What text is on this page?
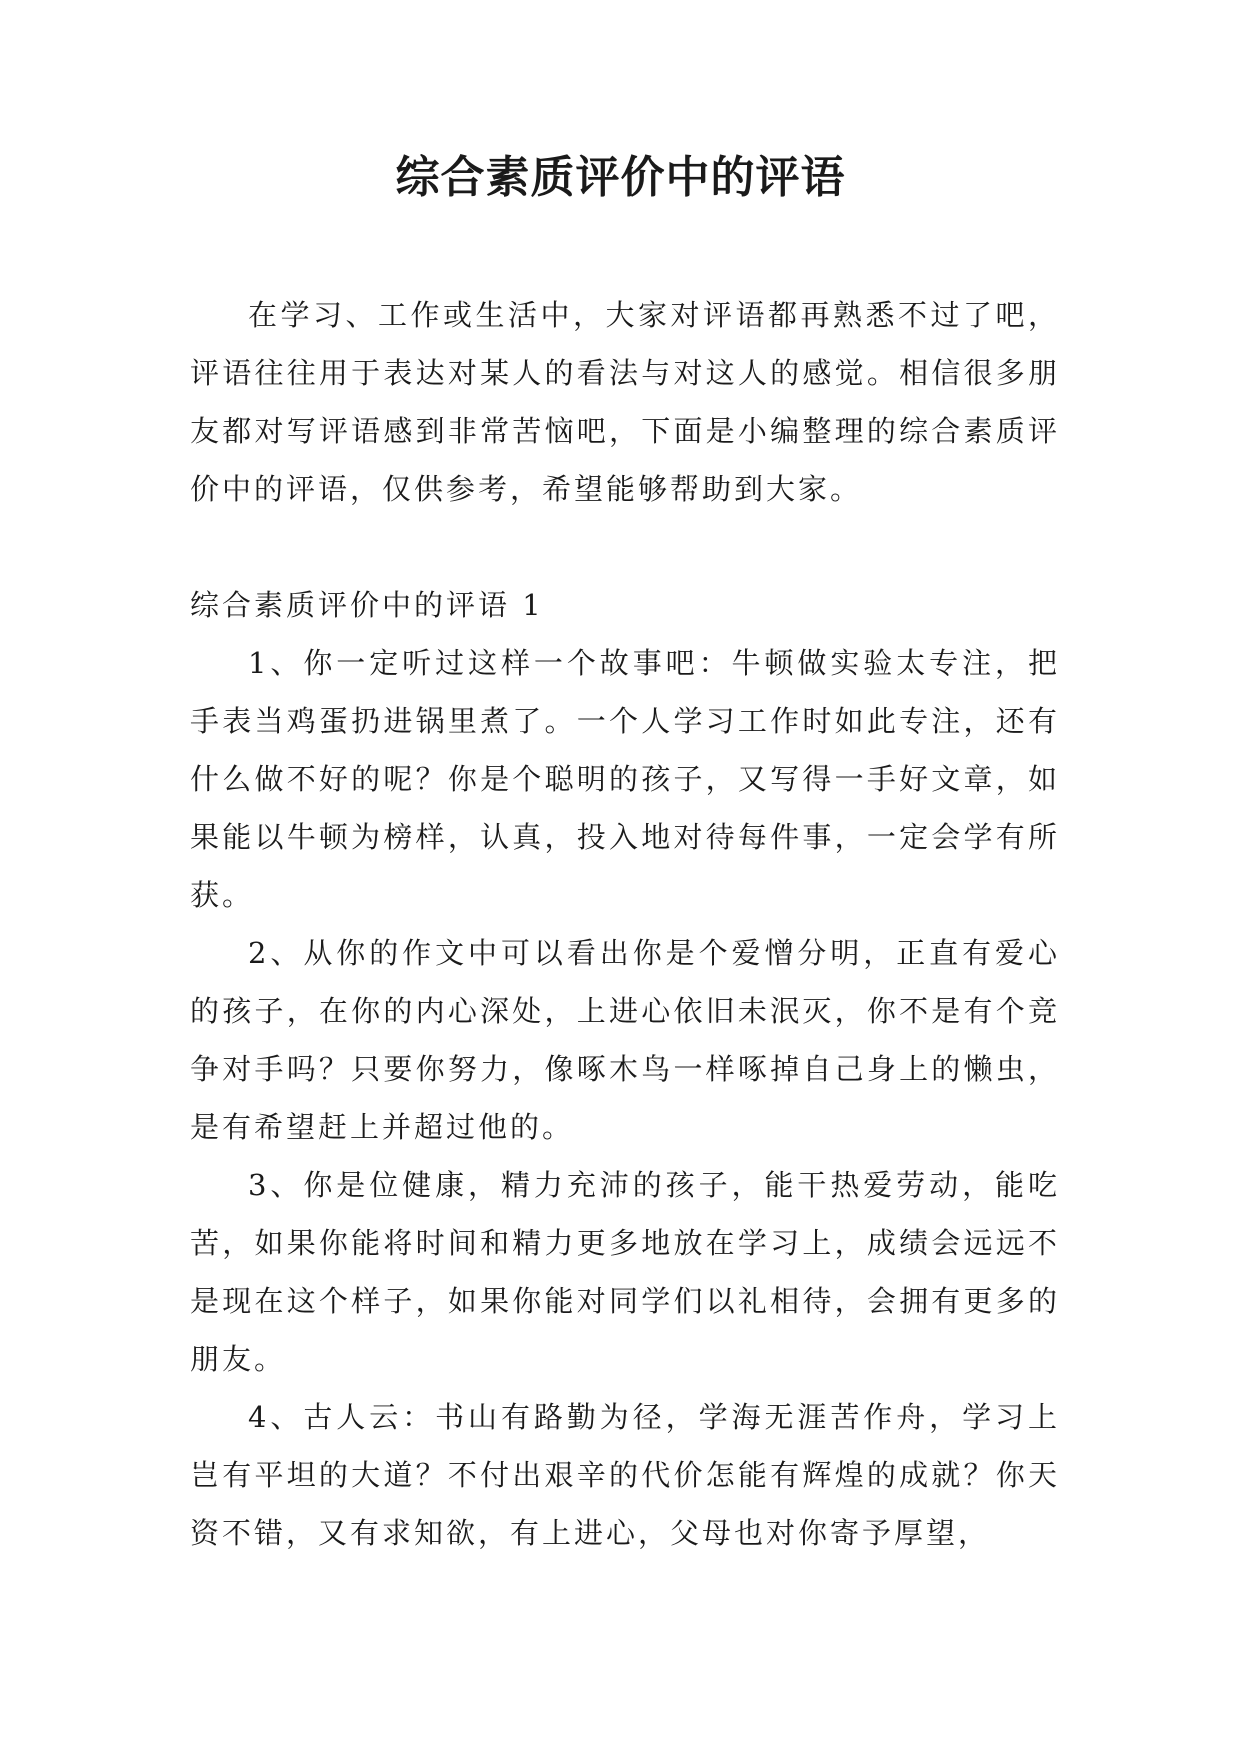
综合素质评价中的评语

在学习、工作或生活中，大家对评语都再熟悉不过了吧，评语往往用于表达对某人的看法与对这人的感觉。相信很多朋友都对写评语感到非常苦恼吧，下面是小编整理的综合素质评价中的评语，仅供参考，希望能够帮助到大家。

综合素质评价中的评语 1

1、你一定听过这样一个故事吧：牛顿做实验太专注，把手表当鸡蛋扔进锅里煮了。一个人学习工作时如此专注，还有什么做不好的呢？你是个聪明的孩子，又写得一手好文章，如果能以牛顿为榜样，认真，投入地对待每件事，一定会学有所获。

2、从你的作文中可以看出你是个爱憎分明，正直有爱心的孩子，在你的内心深处，上进心依旧未泯灭，你不是有个竞争对手吗？只要你努力，像啄木鸟一样啄掉自己身上的懒虫，是有希望赶上并超过他的。

3、你是位健康，精力充沛的孩子，能干热爱劳动，能吃苦，如果你能将时间和精力更多地放在学习上，成绩会远远不是现在这个样子，如果你能对同学们以礼相待，会拥有更多的朋友。

4、古人云：书山有路勤为径，学海无涯苦作舟，学习上岂有平坦的大道？不付出艰辛的代价怎能有辉煌的成就？你天资不错，又有求知欲，有上进心，父母也对你寄予厚望，
